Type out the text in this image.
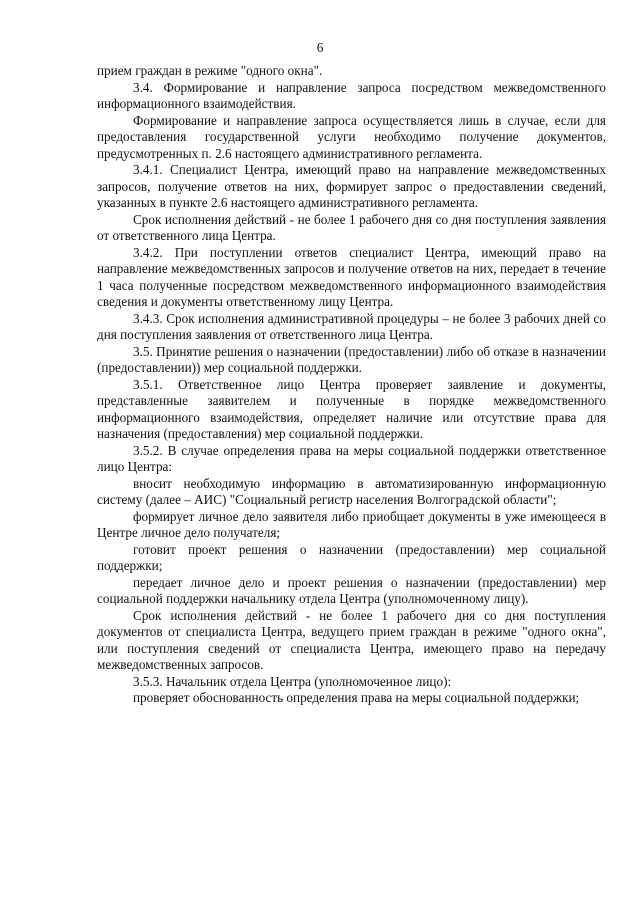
6

прием граждан в режиме "одного окна".

3.4. Формирование и направление запроса посредством межведомственного информационного взаимодействия.

Формирование и направление запроса осуществляется лишь в случае, если для предоставления государственной услуги необходимо получение документов, предусмотренных п. 2.6 настоящего административного регламента.

3.4.1. Специалист Центра, имеющий право на направление межведомственных запросов, получение ответов на них, формирует запрос о предоставлении сведений, указанных в пункте 2.6 настоящего административного регламента.

Срок исполнения действий - не более 1 рабочего дня со дня поступления заявления от ответственного лица Центра.

3.4.2. При поступлении ответов специалист Центра, имеющий право на направление межведомственных запросов и получение ответов на них, передает в течение 1 часа полученные посредством межведомственного информационного взаимодействия сведения и документы ответственному лицу Центра.

3.4.3. Срок исполнения административной процедуры – не более 3 рабочих дней со дня поступления заявления от ответственного лица Центра.

3.5. Принятие решения о назначении (предоставлении) либо об отказе в назначении (предоставлении)) мер социальной поддержки.

3.5.1. Ответственное лицо Центра проверяет заявление и документы, представленные заявителем и полученные в порядке межведомственного информационного взаимодействия, определяет наличие или отсутствие права для назначения (предоставления) мер социальной поддержки.

3.5.2. В случае определения права на меры социальной поддержки ответственное лицо Центра:

вносит необходимую информацию в автоматизированную информационную систему (далее – АИС) "Социальный регистр населения Волгоградской области";

формирует личное дело заявителя либо приобщает документы в уже имеющееся в Центре личное дело получателя;

готовит проект решения о назначении (предоставлении) мер социальной поддержки;

передает личное дело и проект решения о назначении (предоставлении) мер социальной поддержки начальнику отдела Центра (уполномоченному лицу).

Срок исполнения действий - не более 1 рабочего дня со дня поступления документов от специалиста Центра, ведущего прием граждан в режиме "одного окна", или поступления сведений от специалиста Центра, имеющего право на передачу межведомственных запросов.

3.5.3. Начальник отдела Центра (уполномоченное лицо):

проверяет обоснованность определения права на меры социальной поддержки;
